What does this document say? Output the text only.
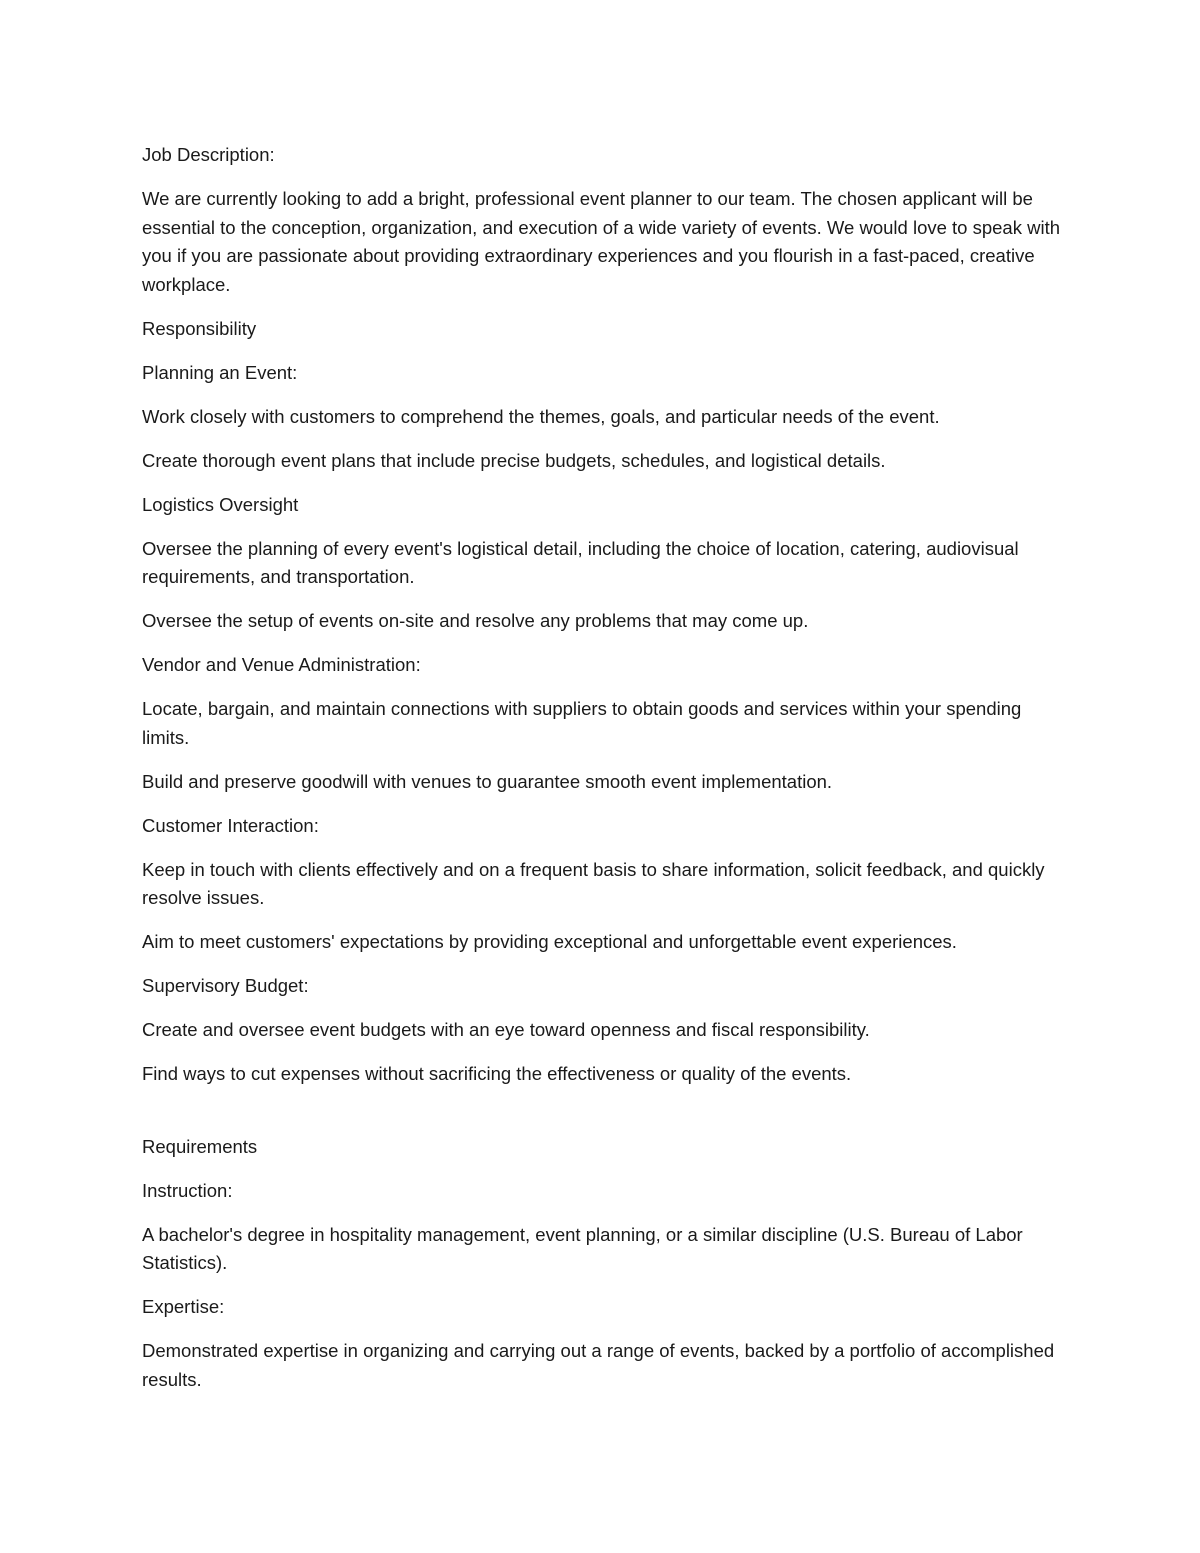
Job Description:

We are currently looking to add a bright, professional event planner to our team. The chosen applicant will be essential to the conception, organization, and execution of a wide variety of events. We would love to speak with you if you are passionate about providing extraordinary experiences and you flourish in a fast-paced, creative workplace.

Responsibility

Planning an Event:

Work closely with customers to comprehend the themes, goals, and particular needs of the event.

Create thorough event plans that include precise budgets, schedules, and logistical details.

Logistics Oversight

Oversee the planning of every event's logistical detail, including the choice of location, catering, audiovisual requirements, and transportation.

Oversee the setup of events on-site and resolve any problems that may come up.

Vendor and Venue Administration:

Locate, bargain, and maintain connections with suppliers to obtain goods and services within your spending limits.

Build and preserve goodwill with venues to guarantee smooth event implementation.

Customer Interaction:

Keep in touch with clients effectively and on a frequent basis to share information, solicit feedback, and quickly resolve issues.

Aim to meet customers' expectations by providing exceptional and unforgettable event experiences.

Supervisory Budget:

Create and oversee event budgets with an eye toward openness and fiscal responsibility.

Find ways to cut expenses without sacrificing the effectiveness or quality of the events.

Requirements

Instruction:

A bachelor's degree in hospitality management, event planning, or a similar discipline (U.S. Bureau of Labor Statistics).

Expertise:

Demonstrated expertise in organizing and carrying out a range of events, backed by a portfolio of accomplished results.
